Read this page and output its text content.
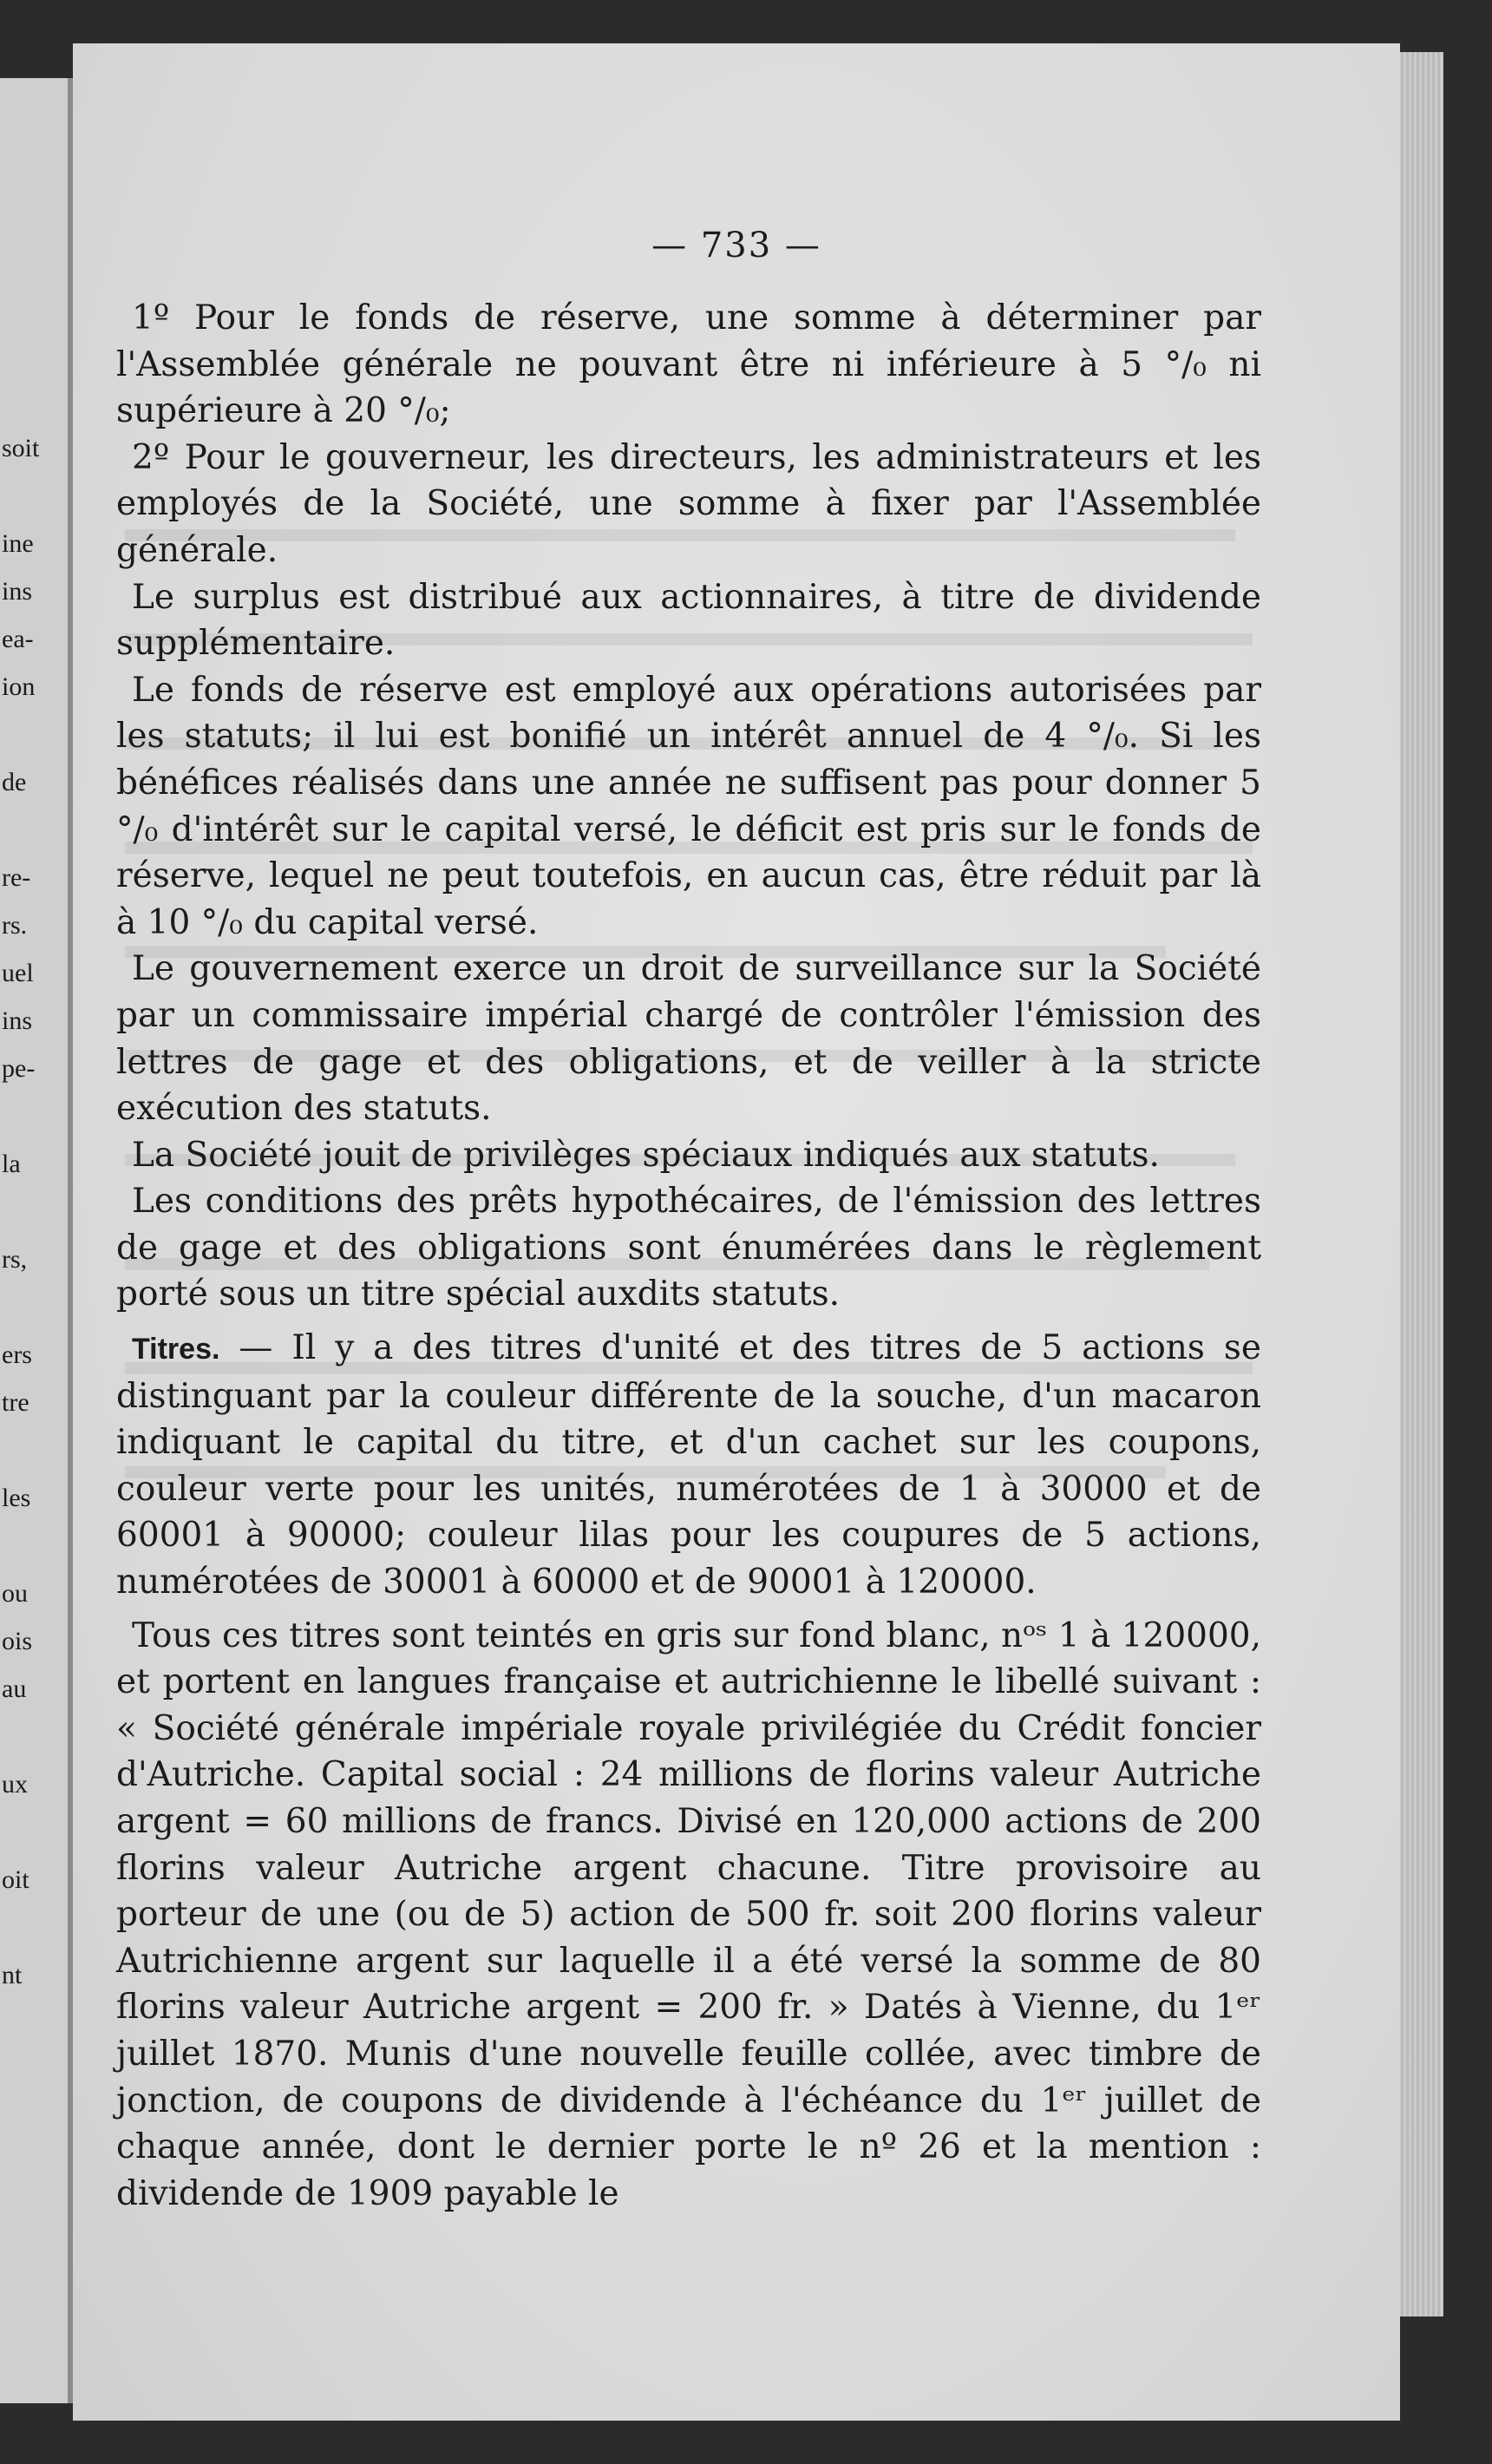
soit
ine
ins
ea-
ion
de
re-
rs.
uel
ins
pe-
la
rs,
ers
tre
les
ou
ois
au
ux
oit
nt
— 733 —

1º Pour le fonds de réserve, une somme à déterminer par l'Assemblée générale ne pouvant être ni inférieure à 5 °/₀ ni supérieure à 20 °/₀;

2º Pour le gouverneur, les directeurs, les administrateurs et les employés de la Société, une somme à fixer par l'Assemblée générale.

Le surplus est distribué aux actionnaires, à titre de dividende supplémentaire.

Le fonds de réserve est employé aux opérations autorisées par les statuts; il lui est bonifié un intérêt annuel de 4 °/₀. Si les bénéfices réalisés dans une année ne suffisent pas pour donner 5 °/₀ d'intérêt sur le capital versé, le déficit est pris sur le fonds de réserve, lequel ne peut toutefois, en aucun cas, être réduit par là à 10 °/₀ du capital versé.

Le gouvernement exerce un droit de surveillance sur la Société par un commissaire impérial chargé de contrôler l'émission des lettres de gage et des obligations, et de veiller à la stricte exécution des statuts.

La Société jouit de privilèges spéciaux indiqués aux statuts.

Les conditions des prêts hypothécaires, de l'émission des lettres de gage et des obligations sont énumérées dans le règlement porté sous un titre spécial auxdits statuts.

Titres. — Il y a des titres d'unité et des titres de 5 actions se distinguant par la couleur différente de la souche, d'un macaron indiquant le capital du titre, et d'un cachet sur les coupons, couleur verte pour les unités, numérotées de 1 à 30000 et de 60001 à 90000; couleur lilas pour les coupures de 5 actions, numérotées de 30001 à 60000 et de 90001 à 120000.

Tous ces titres sont teintés en gris sur fond blanc, nᵒˢ 1 à 120000, et portent en langues française et autrichienne le libellé suivant : « Société générale impériale royale privilégiée du Crédit foncier d'Autriche. Capital social : 24 millions de florins valeur Autriche argent = 60 millions de francs. Divisé en 120,000 actions de 200 florins valeur Autriche argent chacune. Titre provisoire au porteur de une (ou de 5) action de 500 fr. soit 200 florins valeur Autrichienne argent sur laquelle il a été versé la somme de 80 florins valeur Autriche argent = 200 fr. » Datés à Vienne, du 1ᵉʳ juillet 1870. Munis d'une nouvelle feuille collée, avec timbre de jonction, de coupons de dividende à l'échéance du 1ᵉʳ juillet de chaque année, dont le dernier porte le nº 26 et la mention : dividende de 1909 payable le
